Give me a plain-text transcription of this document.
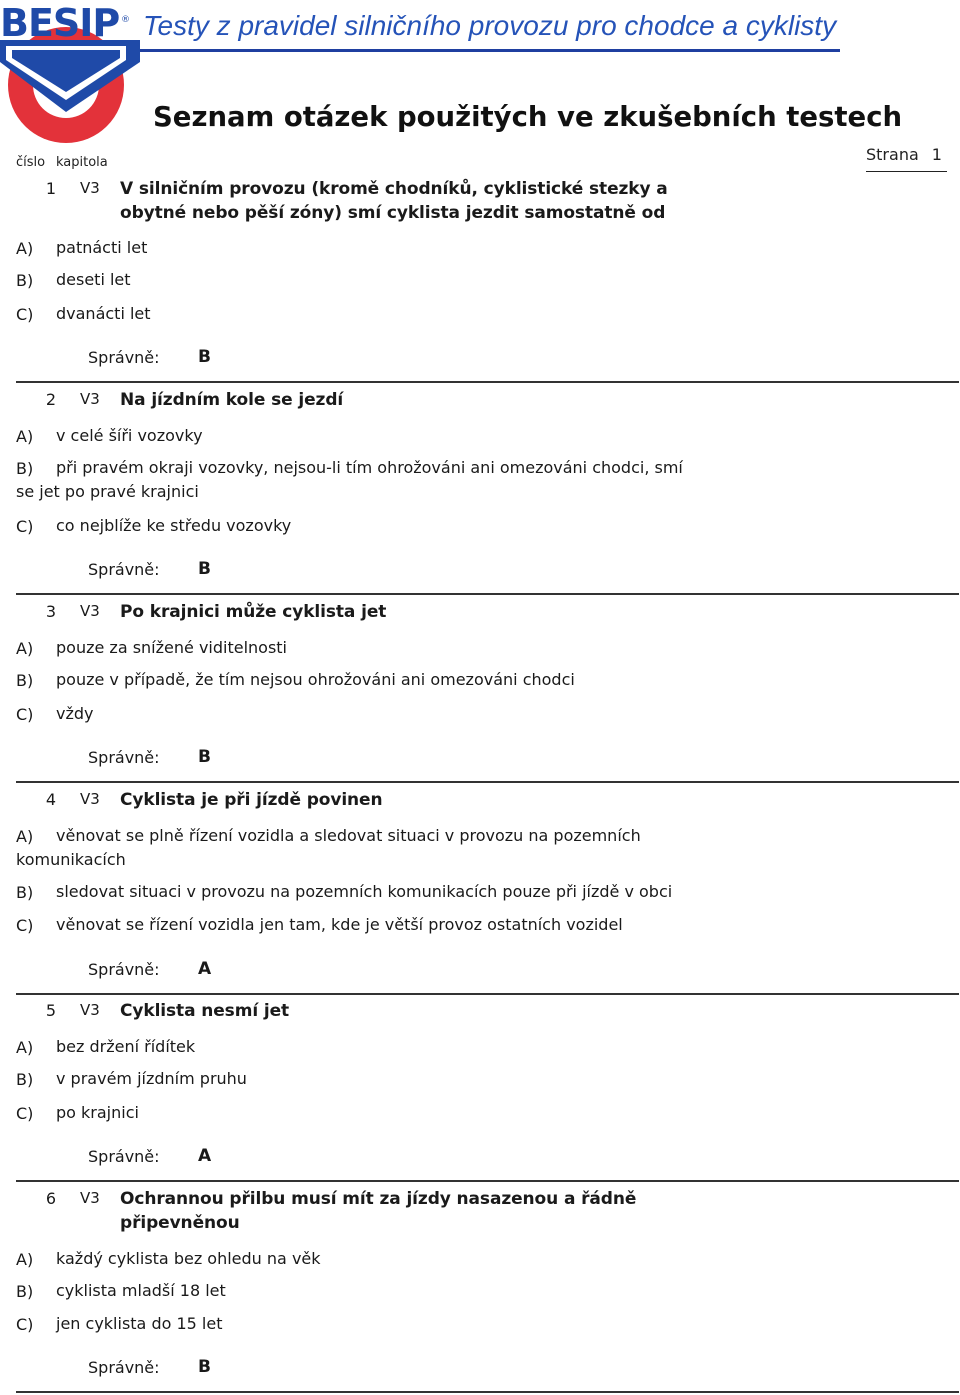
BESIP ® Testy z pravidel silničního provozu pro chodce a cyklisty
Seznam otázek použitých ve zkušebních testech
číslo kapitola	Strana 1
1 V3 V silničním provozu (kromě chodníků, cyklistické stezky a obytné nebo pěší zóny) smí cyklista jezdit samostatně od
A) patnácti let
B) deseti let
C) dvanácti let
Správně: B
2 V3 Na jízdním kole se jezdí
A) v celé šíři vozovky
B)	při pravém okraji vozovky, nejsou-li tím ohrožováni ani omezováni chodci, smí se jet po pravé krajnici
C) co nejblíže ke středu vozovky
Správně: B
3 V3 Po krajnici může cyklista jet
A) pouze za snížené viditelnosti
B) pouze v případě, že tím nejsou ohrožováni ani omezováni chodci
C) vždy
Správně: B
4 V3 Cyklista je při jízdě povinen
A)	věnovat se plně řízení vozidla a sledovat situaci v provozu na pozemních komunikacích
B) sledovat situaci v provozu na pozemních komunikacích pouze při jízdě v obci
C) věnovat se řízení vozidla jen tam, kde je větší provoz ostatních vozidel
Správně: A
5 V3 Cyklista nesmí jet
A) bez držení řídítek
B) v pravém jízdním pruhu
C) po krajnici
Správně: A
6 V3 Ochrannou přilbu musí mít za jízdy nasazenou a řádně připevněnou
A) každý cyklista bez ohledu na věk
B) cyklista mladší 18 let
C) jen cyklista do 15 let
Správně: B
